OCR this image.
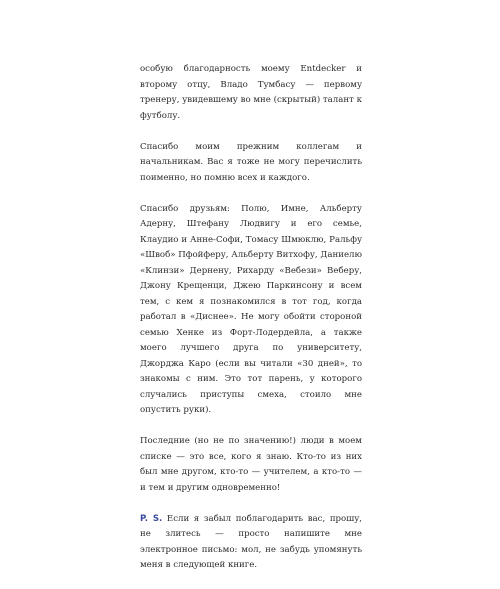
особую благодарность моему Entdecker и второму отцу, Владо Тумбасу — первому тренеру, увидевшему во мне (скрытый) талант к футболу.

Спасибо моим прежним коллегам и начальникам. Вас я тоже не могу перечислить поименно, но помню всех и каждого.

Спасибо друзьям: Полю, Имне, Альберту Адерну, Штефану Людвигу и его семье, Клаудио и Анне-Софи, Томасу Шмюклю, Ральфу «Швоб» Пфойферу, Альберту Витхофу, Даниелю «Клинзи» Дернену, Рихарду «Вебези» Веберу, Джону Крещенци, Джею Паркинсону и всем тем, с кем я познакомился в тот год, когда работал в «Диснее». Не могу обойти стороной семью Хенке из Форт-Лодердейла, а также моего лучшего друга по университету, Джорджа Каро (если вы читали «30 дней», то знакомы с ним. Это тот парень, у которого случались приступы смеха, стоило мне опустить руки).

Последние (но не по значению!) люди в моем списке — это все, кого я знаю. Кто-то из них был мне другом, кто-то — учителем, а кто-то — и тем и другим одновременно!

P. S. Если я забыл поблагодарить вас, прошу, не злитесь — просто напишите мне электронное письмо: мол, не забудь упомянуть меня в следующей книге.
